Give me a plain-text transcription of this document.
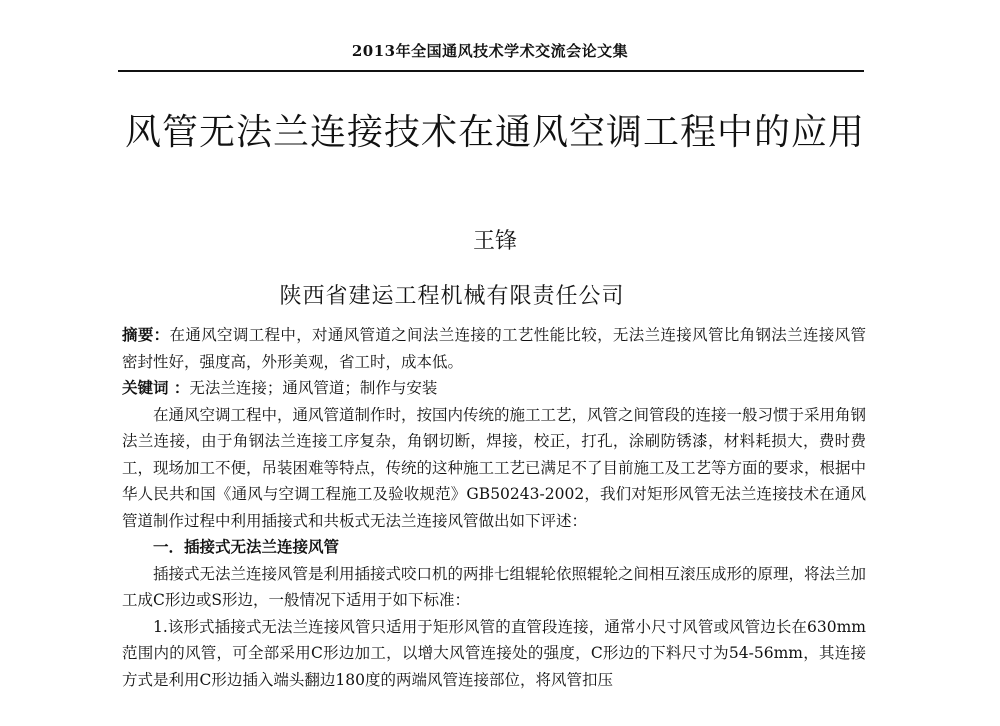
2013年全国通风技术学术交流会论文集
风管无法兰连接技术在通风空调工程中的应用
王锋
陕西省建运工程机械有限责任公司

摘要：在通风空调工程中，对通风管道之间法兰连接的工艺性能比较，无法兰连接风管比角钢法兰连接风管密封性好，强度高，外形美观，省工时，成本低。

关键词 ：无法兰连接；通风管道；制作与安装

在通风空调工程中，通风管道制作时，按国内传统的施工工艺，风管之间管段的连接一般习惯于采用角钢法兰连接，由于角钢法兰连接工序复杂，角钢切断，焊接，校正，打孔，涂刷防锈漆，材料耗损大，费时费工，现场加工不便，吊装困难等特点，传统的这种施工工艺已满足不了目前施工及工艺等方面的要求，根据中华人民共和国《通风与空调工程施工及验收规范》GB50243-2002，我们对矩形风管无法兰连接技术在通风管道制作过程中利用插接式和共板式无法兰连接风管做出如下评述：

一．插接式无法兰连接风管

插接式无法兰连接风管是利用插接式咬口机的两排七组辊轮依照辊轮之间相互滚压成形的原理，将法兰加工成C形边或S形边，一般情况下适用于如下标准：

1.该形式插接式无法兰连接风管只适用于矩形风管的直管段连接，通常小尺寸风管或风管边长在630mm范围内的风管，可全部采用C形边加工，以增大风管连接处的强度，C形边的下料尺寸为54-56mm，其连接方式是利用C形边插入端头翻边180度的两端风管连接部位，将风管扣压
